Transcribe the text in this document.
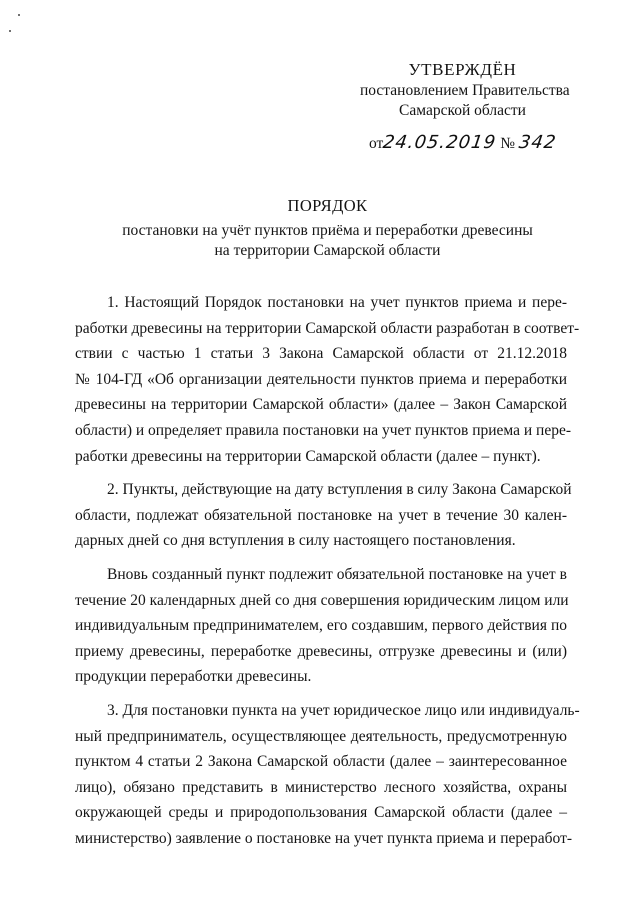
УТВЕРЖДЁН
постановлением Правительства
Самарской области
от24.05.2019 № 342
ПОРЯДОК
постановки на учёт пунктов приёма и переработки древесины
на территории Самарской области
1. Настоящий Порядок постановки на учет пунктов приема и пере-
работки древесины на территории Самарской области разработан в соответ-
ствии с частью 1 статьи 3 Закона Самарской области от 21.12.2018
№ 104-ГД «Об организации деятельности пунктов приема и переработки
древесины на территории Самарской области» (далее – Закон Самарской
области) и определяет правила постановки на учет пунктов приема и пере-
работки древесины на территории Самарской области (далее – пункт).
2. Пункты, действующие на дату вступления в силу Закона Самарской
области, подлежат обязательной постановке на учет в течение 30 кален-
дарных дней со дня вступления в силу настоящего постановления.
Вновь созданный пункт подлежит обязательной постановке на учет в
течение 20 календарных дней со дня совершения юридическим лицом или
индивидуальным предпринимателем, его создавшим, первого действия по
приему древесины, переработке древесины, отгрузке древесины и (или)
продукции переработки древесины.
3. Для постановки пункта на учет юридическое лицо или индивидуаль-
ный предприниматель, осуществляющее деятельность, предусмотренную
пунктом 4 статьи 2 Закона Самарской области (далее – заинтересованное
лицо), обязано представить в министерство лесного хозяйства, охраны
окружающей среды и природопользования Самарской области (далее –
министерство) заявление о постановке на учет пункта приема и переработ-
